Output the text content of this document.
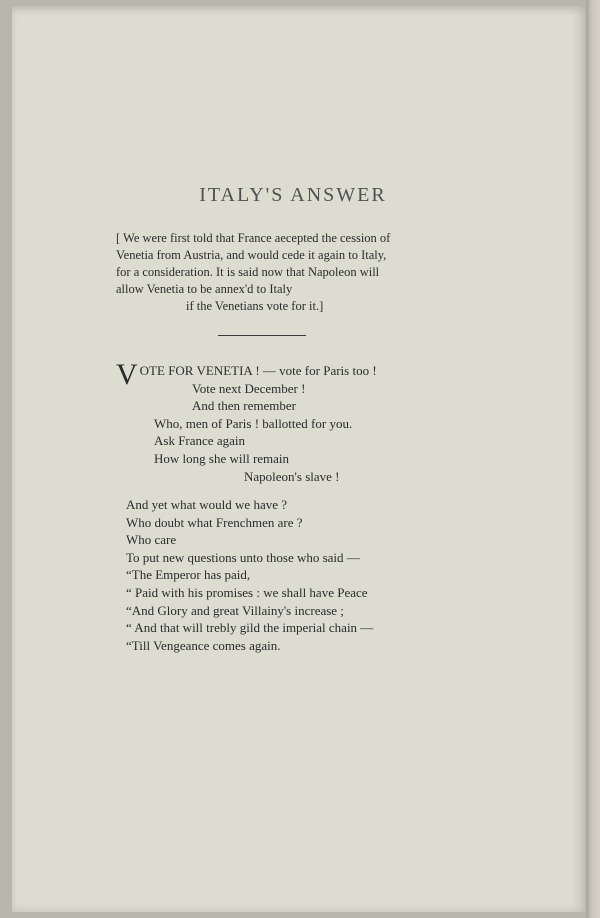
ITALY'S ANSWER
[ We were first told that France aecepted the cession of
Venetia from Austria, and would cede it again to Italy,
for a consideration. It is said now that Napoleon will
allow Venetia to be annex'd to Italy
if the Venetians vote for it.]
V OTE FOR VENETIA ! — vote for Paris too !
Vote next December !
And then remember
Who, men of Paris ! ballotted for you.
Ask France again
How long she will remain
Napoleon's slave !
And yet what would we have ?
Who doubt what Frenchmen are ?
Who care
To put new questions unto those who said —
“The Emperor has paid,
“ Paid with his promises : we shall have Peace
“And Glory and great Villainy's increase ;
“ And that will trebly gild the imperial chain —
“Till Vengeance comes again.
